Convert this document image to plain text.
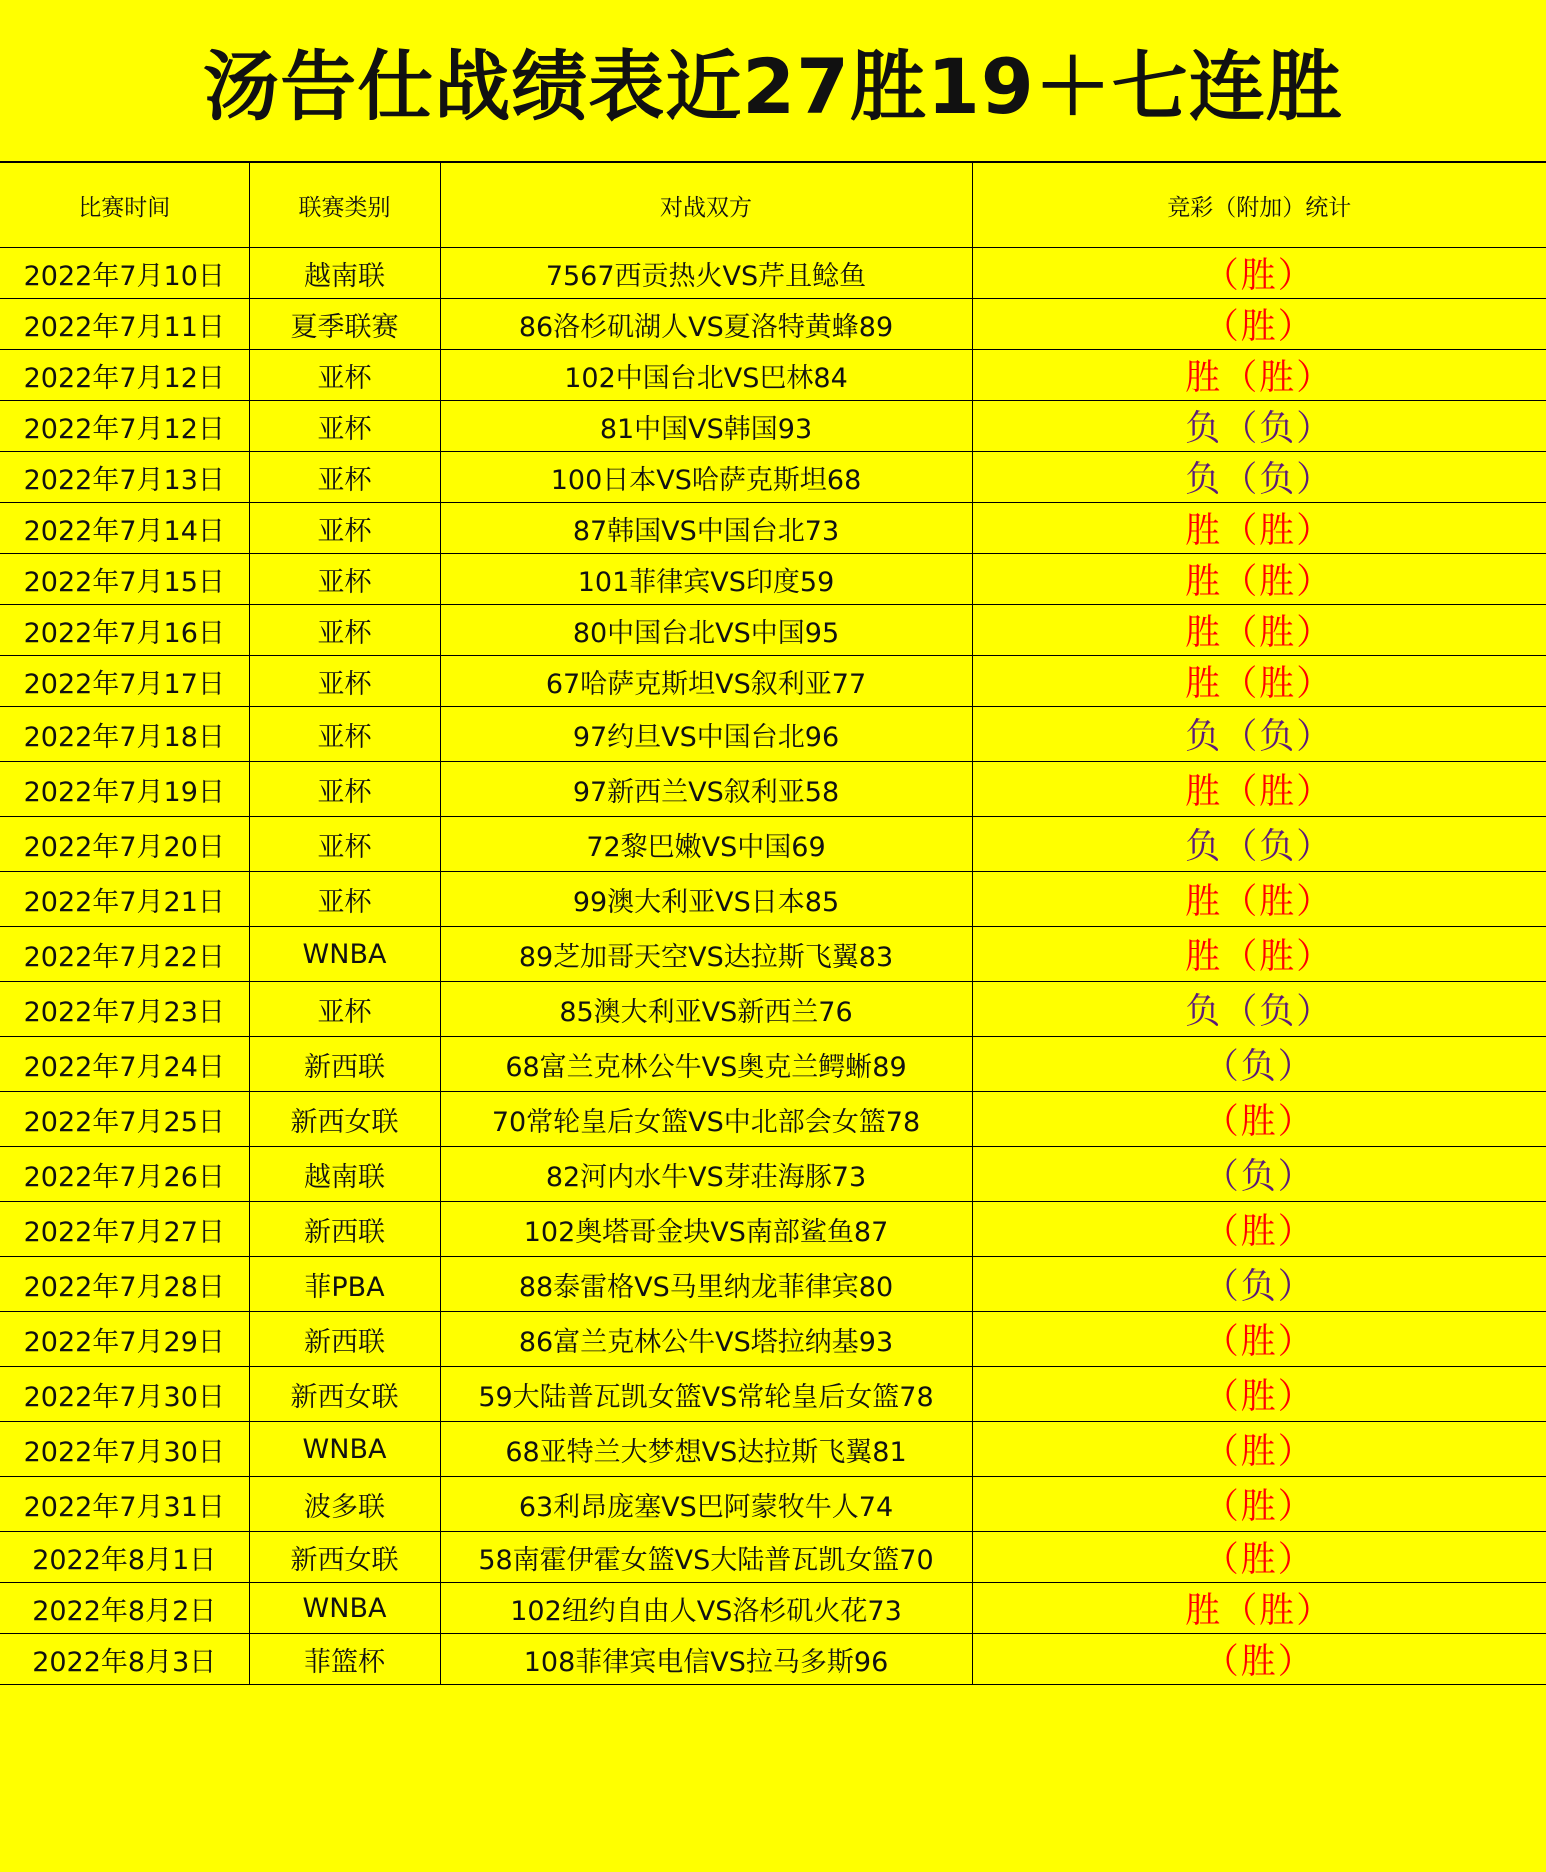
汤告仕战绩表近27胜19＋七连胜
比赛时间	联赛类别	对战双方	竞彩（附加）统计
2022年7月10日	越南联	7567西贡热火VS芹且鲶鱼	（胜）
2022年7月11日	夏季联赛	86洛杉矶湖人VS夏洛特黄蜂89	（胜）
2022年7月12日	亚杯	102中国台北VS巴林84	胜（胜）
2022年7月12日	亚杯	81中国VS韩国93	负（负）
2022年7月13日	亚杯	100日本VS哈萨克斯坦68	负（负）
2022年7月14日	亚杯	87韩国VS中国台北73	胜（胜）
2022年7月15日	亚杯	101菲律宾VS印度59	胜（胜）
2022年7月16日	亚杯	80中国台北VS中国95	胜（胜）
2022年7月17日	亚杯	67哈萨克斯坦VS叙利亚77	胜（胜）
2022年7月18日	亚杯	97约旦VS中国台北96	负（负）
2022年7月19日	亚杯	97新西兰VS叙利亚58	胜（胜）
2022年7月20日	亚杯	72黎巴嫩VS中国69	负（负）
2022年7月21日	亚杯	99澳大利亚VS日本85	胜（胜）
2022年7月22日	WNBA	89芝加哥天空VS达拉斯飞翼83	胜（胜）
2022年7月23日	亚杯	85澳大利亚VS新西兰76	负（负）
2022年7月24日	新西联	68富兰克林公牛VS奥克兰鳄蜥89	（负）
2022年7月25日	新西女联	70常轮皇后女篮VS中北部会女篮78	（胜）
2022年7月26日	越南联	82河内水牛VS芽荘海豚73	（负）
2022年7月27日	新西联	102奥塔哥金块VS南部鲨鱼87	（胜）
2022年7月28日	菲PBA	88泰雷格VS马里纳龙菲律宾80	（负）
2022年7月29日	新西联	86富兰克林公牛VS塔拉纳基93	（胜）
2022年7月30日	新西女联	59大陆普瓦凯女篮VS常轮皇后女篮78	（胜）
2022年7月30日	WNBA	68亚特兰大梦想VS达拉斯飞翼81	（胜）
2022年7月31日	波多联	63利昂庞塞VS巴阿蒙牧牛人74	（胜）
2022年8月1日	新西女联	58南霍伊霍女篮VS大陆普瓦凯女篮70	（胜）
2022年8月2日	WNBA	102纽约自由人VS洛杉矶火花73	胜（胜）
2022年8月3日	菲篮杯	108菲律宾电信VS拉马多斯96	（胜）
